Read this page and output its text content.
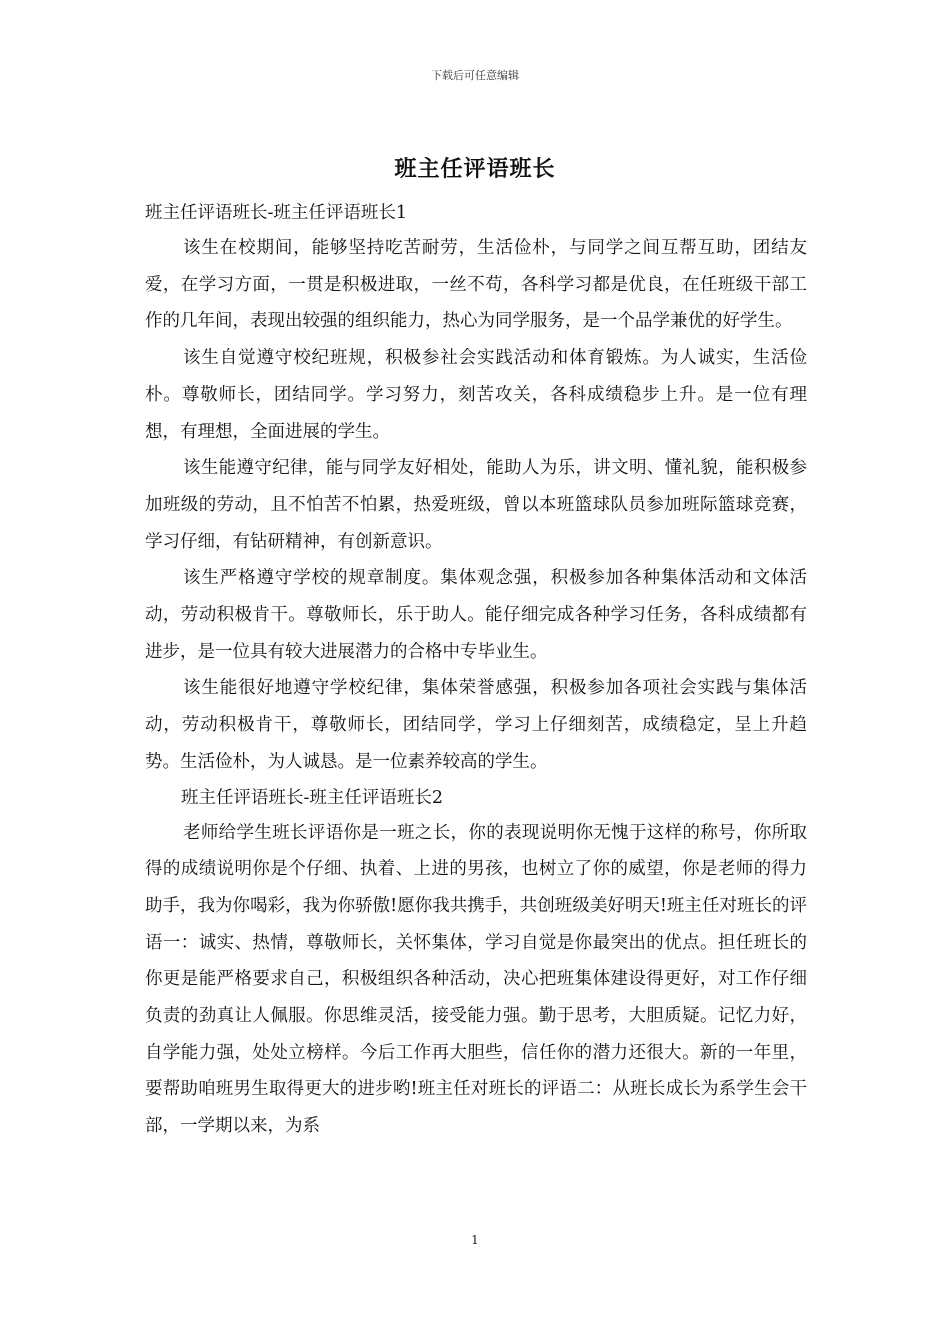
下载后可任意编辑
班主任评语班长

班主任评语班长-班主任评语班长1

该生在校期间，能够坚持吃苦耐劳，生活俭朴，与同学之间互帮互助，团结友爱，在学习方面，一贯是积极进取，一丝不苟，各科学习都是优良，在任班级干部工作的几年间，表现出较强的组织能力，热心为同学服务，是一个品学兼优的好学生。

该生自觉遵守校纪班规，积极参社会实践活动和体育锻炼。为人诚实，生活俭朴。尊敬师长，团结同学。学习努力，刻苦攻关，各科成绩稳步上升。是一位有理想，有理想，全面进展的学生。

该生能遵守纪律，能与同学友好相处，能助人为乐，讲文明、懂礼貌，能积极参加班级的劳动，且不怕苦不怕累，热爱班级，曾以本班篮球队员参加班际篮球竞赛，学习仔细，有钻研精神，有创新意识。

该生严格遵守学校的规章制度。集体观念强，积极参加各种集体活动和文体活动，劳动积极肯干。尊敬师长，乐于助人。能仔细完成各种学习任务，各科成绩都有进步，是一位具有较大进展潜力的合格中专毕业生。

该生能很好地遵守学校纪律，集体荣誉感强，积极参加各项社会实践与集体活动，劳动积极肯干，尊敬师长，团结同学，学习上仔细刻苦，成绩稳定，呈上升趋势。生活俭朴，为人诚恳。是一位素养较高的学生。

班主任评语班长-班主任评语班长2

老师给学生班长评语你是一班之长，你的表现说明你无愧于这样的称号，你所取得的成绩说明你是个仔细、执着、上进的男孩，也树立了你的威望，你是老师的得力助手，我为你喝彩，我为你骄傲!愿你我共携手，共创班级美好明天!班主任对班长的评语一：诚实、热情，尊敬师长，关怀集体，学习自觉是你最突出的优点。担任班长的你更是能严格要求自己，积极组织各种活动，决心把班集体建设得更好，对工作仔细负责的劲真让人佩服。你思维灵活，接受能力强。勤于思考，大胆质疑。记忆力好，自学能力强，处处立榜样。今后工作再大胆些，信任你的潜力还很大。新的一年里，要帮助咱班男生取得更大的进步哟!班主任对班长的评语二：从班长成长为系学生会干部，一学期以来，为系

1
